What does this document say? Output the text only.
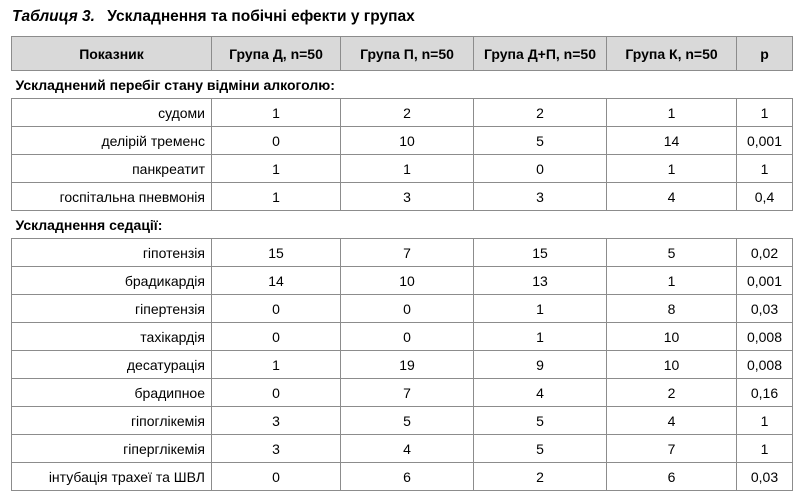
Таблиця 3. Ускладнення та побічні ефекти у групах
Показник	Група Д, n=50	Група П, n=50	Група Д+П, n=50	Група К, n=50	р
Ускладнений перебіг стану відміни алкоголю:					
судоми	1	2	2	1	1
делірій тременс	0	10	5	14	0,001
панкреатит	1	1	0	1	1
госпітальна пневмонія	1	3	3	4	0,4
Ускладнення седації:					
гіпотензія	15	7	15	5	0,02
брадикардія	14	10	13	1	0,001
гіпертензія	0	0	1	8	0,03
тахікардія	0	0	1	10	0,008
десатурація	1	19	9	10	0,008
брадипное	0	7	4	2	0,16
гіпоглікемія	3	5	5	4	1
гіперглікемія	3	4	5	7	1
інтубація трахеї та ШВЛ	0	6	2	6	0,03
